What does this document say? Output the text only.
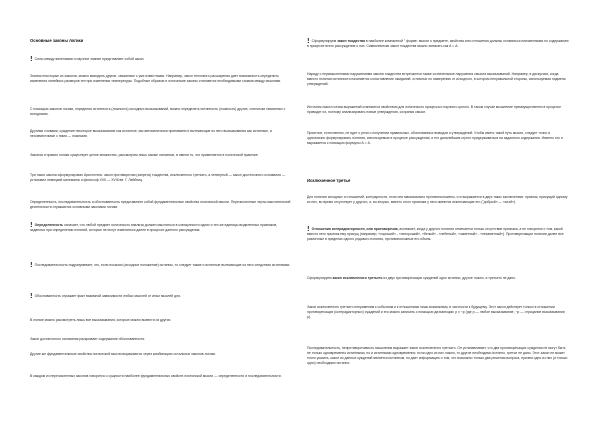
Основные законы логики

! Силы между явлениями и научное знание представляет собой закон.

Знания некоторые из законов, можно выводить другие, связанные с уже известными. Например, закон теплового расширения дает возможность определить изменения линейных размеров тел при изменении температуры. Подобные образом и логические законы становятся необходимыми силами между мыслями.

С помощью законов логики, определяя истинность (ложность) исходных высказываний, можно определить истинность (ложность) других, логически связанных с исходными.

Другими словами, суждение некоторое высказывание как истинное, мы автоматически принимаем и вытекающие из него высказывания как истинные, а несовместимые с ними — ложными.

Законов и правил логики существует целое множество, рассмотрим лишь самые основные, в имени то, что применяется в логической практике.

Три таких закона сформулировал Аристотель: закон противоречия (запрета) тождества, исключенного третьего, а четвертый — закон достаточного основания — установил немецкий математик и философ XVII — XVIII вв. Г. Лейбниц.

Определенность, последовательность и обоснованность представляют собой фундаментальные свойства логической мысли. Перечисленные черты мыслительной деятельности отражаются основными законами логики.

! Определенность означает, что любой предмет логического анализа должен мыслиться в совокупности одних и тех же единицы выделенных признаков, заданных при определении понятий, которые не могут изменяться далее в процессе данного рассуждения.

! Последовательность подразумевает, что, если посылки (исходное положение) истинны, то следует также и истинные вытекающие из него следствия истинными.

! Обоснованность отражает факт взаимной зависимости любых мыслей от иных мыслей для.

В логике можно рассмотреть лишь все высказывания, которые можно вывести из других.

Закон достаточного основания раскрывает содержание обоснованности.

Другие же фундаментальные свойства логической мысли выражаются через комбинацию остальных законов логики.

В каждом из перечисленных законов говорится о сущности наиболее фундаментальных свойств логической мысли — определенности и последовательности.

! Сформулируем закон тождества в наиболее компактной " форме: мысли о предмете, свойства или отношения должны оставаться неизменными по содержанию в процессе всего рассуждения о них. Символически закон тождества можно записать как А = А.

Наряду с неумышленными нарушениями закона тождества встречаются также сознательные нарушения смысла высказываний. Например, в дискуссии, когда вместо понятия истинности начинается сопоставление ожиданий, отличных по намерению от исходного, в котором неправильной стороны, используемая подмена утверждений.

Источник смысл слова выражений становится свойством для логического процесса и научного целого. В таком случае мышление преимущественно в процессе приводит их, поэтому анализировать новые утверждения, сохраняя смысл.

Приятное, естественно, не идет о речи о получении правильных, обоснованных выводов и утверждений. Чтобы иметь такой путь мысли, следует точно и однозначно формулировать понятия, используемые в процессе рассуждения, и его дальнейшим строго придерживаться на заданного содержания. Именно это и выражается с помощью формулы А = А.

Исключенное третье

Для понятия исходных и отношений, контрарности, если они максимально противоположены, что выражается в двух таких заключениях: признак, присущий одному из них, во время отсутствует у другого, и, во-вторых, вместо этого признака у него имеются исключающие его ("добрый» — «злой»).

! Отношения контрадикторности, или противоречия, возникает, когда у другого понятия отмечается только отсутствие признака, а не говорится о том, какой вместо него признак ему присущ (например, «хороший» - «нехороший», «белый» - «небелый», «заметный» - «незаметный»). Противоречащие понятия далее все различные в пределах одного родового понятия, противоположные его объем.

Сформулируем закон исключенного третьего из двух противоречащих суждений одно истинно, другое ложно, а третьего не дано.

Закон исключенного третьего неприменим к событиям и к отношениям лишь возможным, в частности к будущему. Этот закон действует только в отношении противоречащих (контрадикторных) суждений и его можно записать с помощью дизъюнкции: p v ¬p (где p — любое высказывание, ¬p — отрицание высказывания p).

Последовательность, непротиворечивость мышления выражает закон исключенного третьего. Он устанавливает, что два противоречащих суждения не могут быть не только одновременно истинными, но и истинными одновременно: если одно из них ложно, то другое необходимо истинно, третье не дано. Этот закон не может точно указать, какое из данных суждений является истинным, но дает информацию о том, что возможно только два решения вопроса, причем одно из них (и только одно) необходимо истинно.
